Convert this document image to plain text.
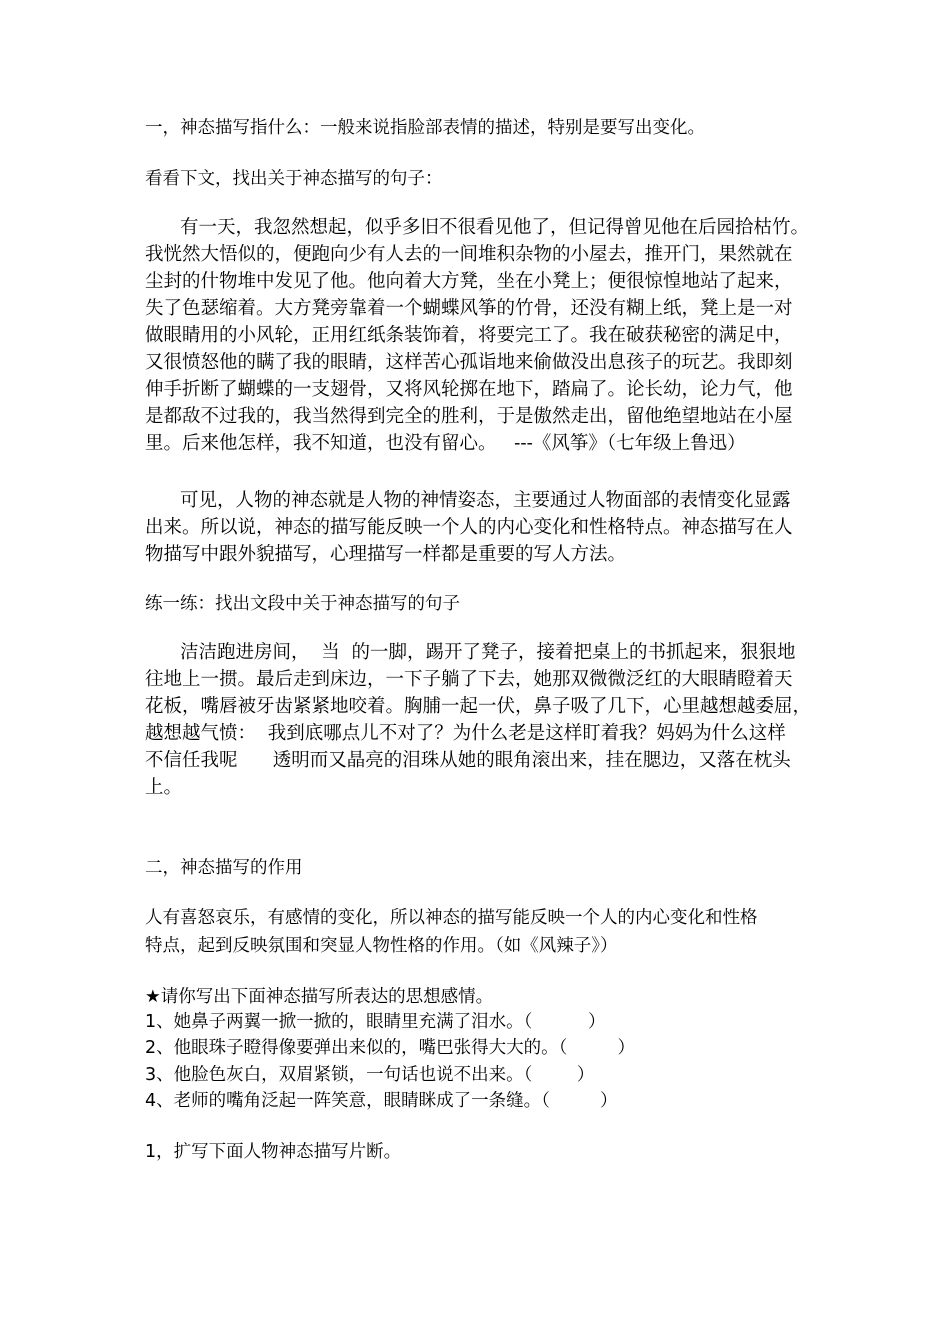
一，神态描写指什么：一般来说指脸部表情的描述，特别是要写出变化。
看看下文，找出关于神态描写的句子：
有一天，我忽然想起，似乎多旧不很看见他了，但记得曾见他在后园拾枯竹。
我恍然大悟似的，便跑向少有人去的一间堆积杂物的小屋去，推开门，果然就在
尘封的什物堆中发见了他。他向着大方凳，坐在小凳上；便很惊惶地站了起来，
失了色瑟缩着。大方凳旁靠着一个蝴蝶风筝的竹骨，还没有糊上纸，凳上是一对
做眼睛用的小风轮，正用红纸条装饰着，将要完工了。我在破获秘密的满足中，
又很愤怒他的瞒了我的眼睛，这样苦心孤诣地来偷做没出息孩子的玩艺。我即刻
伸手折断了蝴蝶的一支翅骨，又将风轮掷在地下，踏扁了。论长幼，论力气，他
是都敌不过我的，我当然得到完全的胜利，于是傲然走出，留他绝望地站在小屋
里。后来他怎样，我不知道，也没有留心。   ---《风筝》（七年级上鲁迅）
可见，人物的神态就是人物的神情姿态，主要通过人物面部的表情变化显露
出来。所以说，神态的描写能反映一个人的内心变化和性格特点。神态描写在人
物描写中跟外貌描写，心理描写一样都是重要的写人方法。
练一练：找出文段中关于神态描写的句子
洁洁跑进房间，  当  的一脚，踢开了凳子，接着把桌上的书抓起来，狠狠地
往地上一掼。最后走到床边，一下子躺了下去，她那双微微泛红的大眼睛瞪着天
花板，嘴唇被牙齿紧紧地咬着。胸脯一起一伏，鼻子吸了几下，心里越想越委屈，
越想越气愤：  我到底哪点儿不对了？为什么老是这样盯着我？妈妈为什么这样
不信任我呢      透明而又晶亮的泪珠从她的眼角滚出来，挂在腮边，又落在枕头
上。
二，神态描写的作用
人有喜怒哀乐，有感情的变化，所以神态的描写能反映一个人的内心变化和性格
特点，起到反映氛围和突显人物性格的作用。（如《风辣子》）
★请你写出下面神态描写所表达的思想感情。
1、她鼻子两翼一掀一掀的，眼睛里充满了泪水。（          ）
2、他眼珠子瞪得像要弹出来似的，嘴巴张得大大的。（         ）
3、他脸色灰白，双眉紧锁，一句话也说不出来。（        ）
4、老师的嘴角泛起一阵笑意，眼睛眯成了一条缝。（         ）
1，扩写下面人物神态描写片断。
